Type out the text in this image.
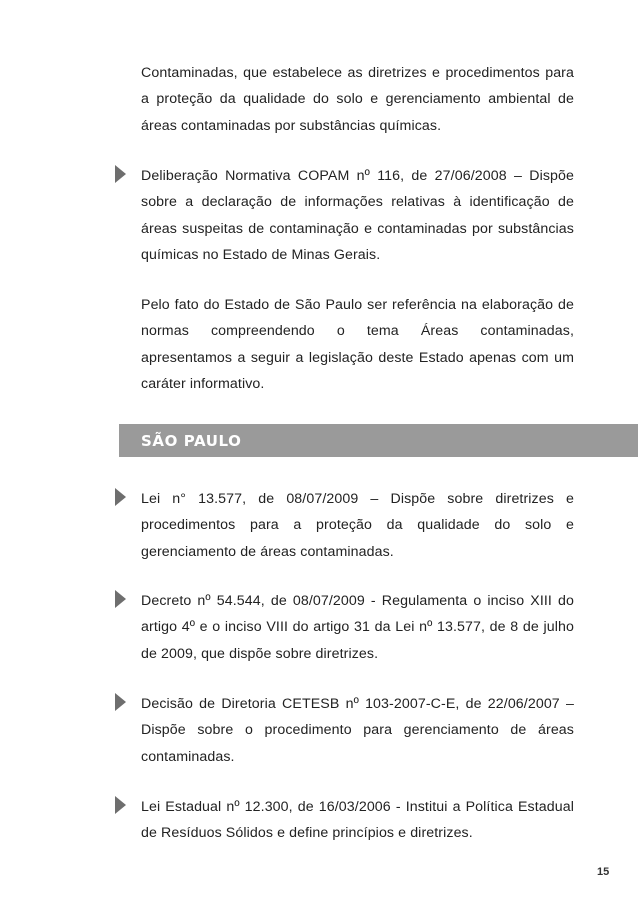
Contaminadas, que estabelece as diretrizes e procedimentos para a proteção da qualidade do solo e gerenciamento ambiental de áreas contaminadas por substâncias químicas.

Deliberação Normativa COPAM nº 116, de 27/06/2008 – Dispõe sobre a declaração de informações relativas à identificação de áreas suspeitas de contaminação e contaminadas por substâncias químicas no Estado de Minas Gerais.

Pelo fato do Estado de São Paulo ser referência na elaboração de normas compreendendo o tema Áreas contaminadas, apresentamos a seguir a legislação deste Estado apenas com um caráter informativo.

SÃO PAULO

Lei n° 13.577, de 08/07/2009 – Dispõe sobre diretrizes e procedimentos para a proteção da qualidade do solo e gerenciamento de áreas contaminadas.

Decreto nº 54.544, de 08/07/2009 - Regulamenta o inciso XIII do artigo 4º e o inciso VIII do artigo 31 da Lei nº 13.577, de 8 de julho de 2009, que dispõe sobre diretrizes.

Decisão de Diretoria CETESB nº 103-2007-C-E, de 22/06/2007 – Dispõe sobre o procedimento para gerenciamento de áreas contaminadas.

Lei Estadual nº 12.300, de 16/03/2006 - Institui a Política Estadual de Resíduos Sólidos e define princípios e diretrizes.

15
